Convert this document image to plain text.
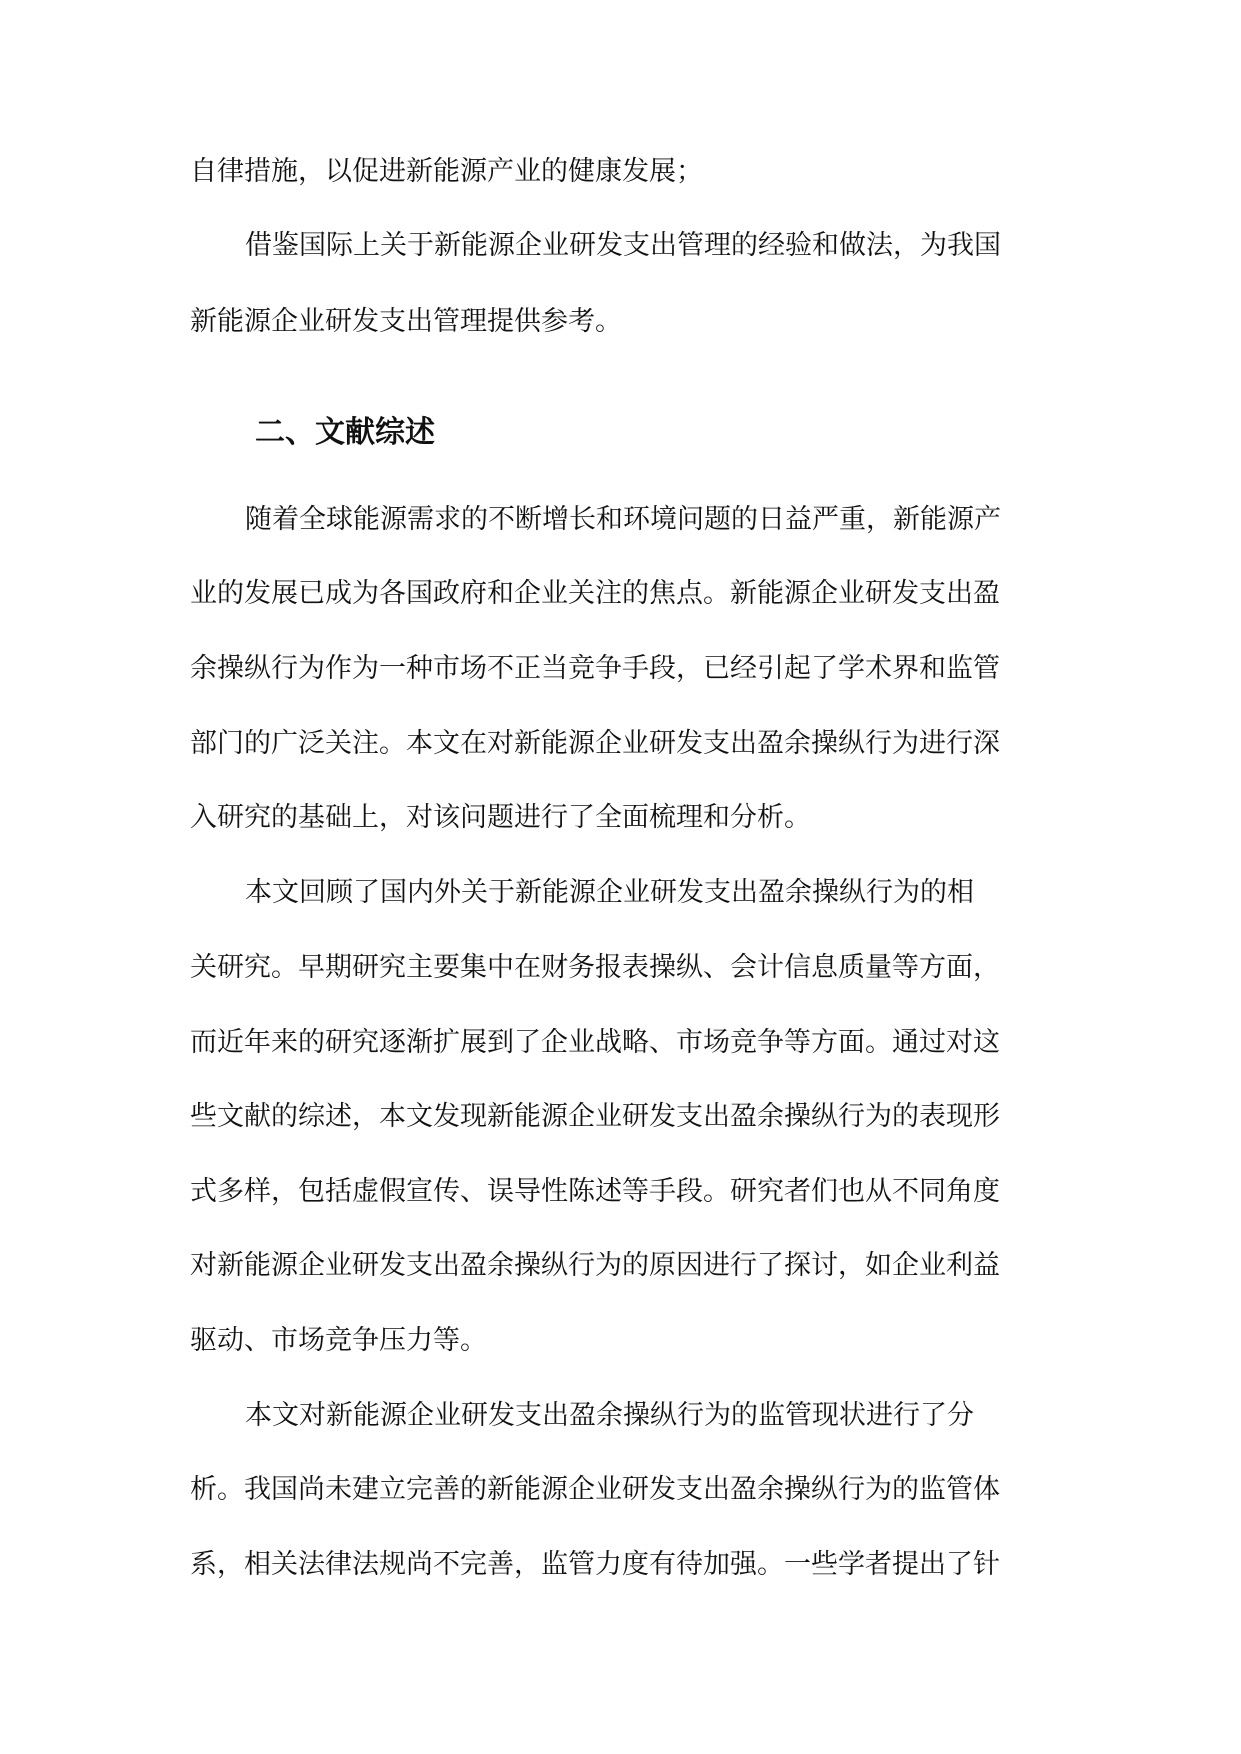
自律措施，以促进新能源产业的健康发展；
借鉴国际上关于新能源企业研发支出管理的经验和做法，为我国
新能源企业研发支出管理提供参考。
二、文献综述
随着全球能源需求的不断增长和环境问题的日益严重，新能源产
业的发展已成为各国政府和企业关注的焦点。新能源企业研发支出盈
余操纵行为作为一种市场不正当竞争手段，已经引起了学术界和监管
部门的广泛关注。本文在对新能源企业研发支出盈余操纵行为进行深
入研究的基础上，对该问题进行了全面梳理和分析。
本文回顾了国内外关于新能源企业研发支出盈余操纵行为的相
关研究。早期研究主要集中在财务报表操纵、会计信息质量等方面，
而近年来的研究逐渐扩展到了企业战略、市场竞争等方面。通过对这
些文献的综述，本文发现新能源企业研发支出盈余操纵行为的表现形
式多样，包括虚假宣传、误导性陈述等手段。研究者们也从不同角度
对新能源企业研发支出盈余操纵行为的原因进行了探讨，如企业利益
驱动、市场竞争压力等。
本文对新能源企业研发支出盈余操纵行为的监管现状进行了分
析。我国尚未建立完善的新能源企业研发支出盈余操纵行为的监管体
系，相关法律法规尚不完善，监管力度有待加强。一些学者提出了针
